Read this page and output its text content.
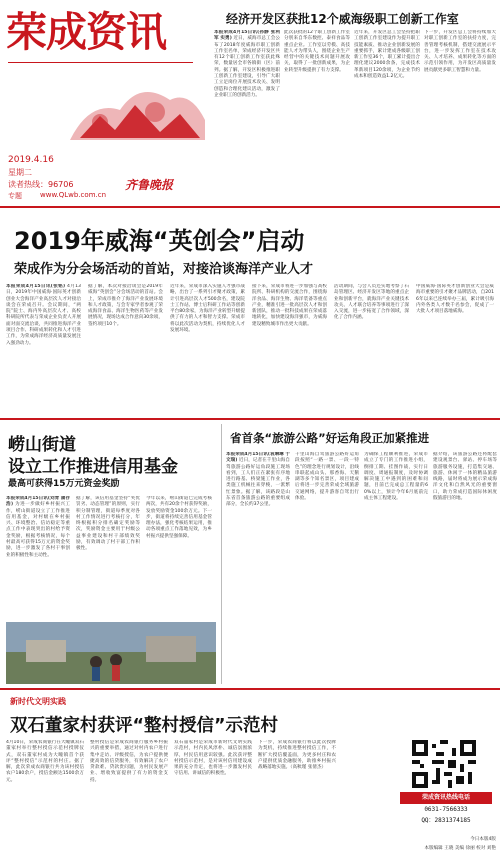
荣成资讯
2019.4.16
星期二
读者热线：96706
专题	www.QLwb.com.cn
齐鲁晚报
经济开发区获批12个威海级职工创新工作室
本报荣成4月15日讯(孙静 张利军 实勇) 近日，威海市总工会公布了2018年度威海市职工创新工作室名单，荣成经济开发区共有12个职工创新工作室获此殊荣，数量居全市各镇街（区）前列。据了解，开发区积极推进职工创新工作室建设，引导广大职工立足岗位开展技术攻关、发明创造和合理化建议活动，激发了企业职工的创新活力。
此次获批的12个职工创新工作室分别来自华东数控、泰祥食品等重点企业。工作室以劳模、高技能人才为带头人，围绕企业生产经营中的关键技术问题开展攻关，取得了一批创新成果，为企业转型升级提供了有力支撑。
近年来，开发区总工会坚持把职工创新工作室建设作为提升职工技能素质、推动企业创新发展的重要抓手，累计建成各级职工创新工作室36个，职工累计提出合理化建议2000余条，完成技术革新项目120余项，为企业节约成本和创造效益1.2亿元。
下一步，开发区总工会将持续加大对职工创新工作室的扶持力度，完善管理考核机制，搭建交流展示平台，进一步发挥工作室在技术攻关、人才培养、成果转化等方面的示范引领作用，为开发区高质量发展贡献更多职工智慧和力量。
2019年威海“英创会”启动
荣成作为分会场活动的首站，对接洽谈海洋产业人才
本报荣成4月15日讯(张铭) 4月13日，2019年中国威海·国际英才创新创业大会海洋产业高层次人才对接洽谈会在荣成召开。会议期间，“两院”院士、海内外高层次人才、高校科研院所代表与荣成企业负责人开展面对面交流洽谈，共同推进海洋产业项目合作、科研成果转化和人才引进工作，为荣成海洋经济高质量发展注入强劲动力。
据了解，本次对接洽谈会是2019年威海“英创会”分会场活动的首站。会上，荣成市推介了海洋产业发展环境和人才政策，与会专家学者参观了荣成海洋食品、海洋生物医药等产业发展情况，现场达成合作意向30余项，签约项目10个。
近年来，荣成市深入实施人才强市战略，出台了一系列引才聚才政策，累计引进高层次人才500余名，建设院士工作站、博士后科研工作站等创新平台80余家，为海洋产业转型升级提供了有力的人才和智力支撑。荣成市将以此次活动为契机，持续优化人才发展环境。
接下来，荣成市将进一步加强与高校院所、科研机构的交流合作，围绕海洋食品、海洋生物、海洋装备等重点产业，精准引进一批高层次人才和创新团队，推动一批科技成果在荣成落地转化，加快建设海洋强市，为威海建设精致城市作出更大贡献。
活动期间，与会人员还实地考察了石岛管理区、经济开发区等地的重点企业和创新平台，就海洋产业关键技术攻关、人才联合培养等事项进行了深入交流，进一步拓宽了合作领域，深化了合作内涵。
中国威海·国际英才创新创业大会是威海市重要的引才聚才品牌活动，自2016年以来已连续举办三届，累计吸引海内外各类人才数千名参会，促成了一大批人才项目落地威海。
崂山街道
设立工作推进信用基金
最高可获得15万元资金奖励
本报荣成4月15日讯(刘青 蒲存浩) 为进一步做好乡村振兴工作，崂山街道设立了工作推进信用基金，对村级在乡村振兴、环境整治、信访稳定等重点工作中表现突出的村给予资金奖励，根据考核情况，每个村最高可获得15万元的资金奖励，进一步激发了各村干事创业的积极性和主动性。
据了解，该信用基金坚持“奖优罚劣、动态管理”的原则，实行积分制管理，街道每季度对各村工作情况进行考核打分，年终根据积分排名确定奖励等次，奖励资金主要用于村级公益事业建设和村干部绩效奖励，有效调动了村干部工作积极性。
今年以来，崂山街道已完成考核两次，共有20余个村获得奖励，发放奖励资金100余万元。下一步，街道将持续完善信用基金管理办法，强化考核结果运用，推动各项重点工作落地见效，为乡村振兴提供坚强保障。
省首条“旅游公路”好运角段正加紧推进
本报荣成4月15日讯(袁琳琳 于文瑞) 近日，记者在千里山海自驾旅游公路好运角段施工现场看到，工人们正在紧张有序地进行路基、桥梁施工作业，各类施工机械往来穿梭，一派繁忙景象。据了解，该路段是山东省首条旅游公路的重要组成部分，全长约37公里。
千里山海自驾旅游公路好运角段按照“一路一景、一段一特色”的理念进行规划设计，沿线串联起成山头、那香海、天鹅湖等多个知名景区，项目建成后将进一步完善荣成全域旅游交通网络，提升游客自驾出行体验。
为确保工程顺利推进，荣成市成立了专门的工作推进小组，倒排工期、挂图作战，实行日调度、周通报制度，及时协调解决施工中遇到的困难和问题，目前已完成总工程量的60%以上，预计今年6月底前完成主体工程建设。
据介绍，该旅游公路还将配套建设观景台、驿站、停车场等旅游服务设施，打造集交通、旅游、休闲于一体的精品旅游线路，届时将成为展示荣成海洋文化和自然风光的重要窗口，助力荣成打造国际休闲度假旅游目的地。
新时代文明实践
双石董家村获评“整村授信”示范村
4月10日，荣成农商银行在大疃镇双石董家村举行整村授信示范村授牌仪式，双石董家村成为大疃镇首个获评“整村授信”示范村的村庄。据了解，此次荣成农商银行共为该村授信农户180余户，授信金额达1500余万元。
整村授信是荣成农商银行服务乡村振兴的重要举措，通过对村内农户进行集中走访、评级授信，为农户提供便捷高效的信贷服务，有效解决了农户贷款难、贷款贵问题，为村民发展产业、增收致富提供了有力的资金支持。
双石董家村是荣成市新时代文明实践示范村，村内民风淳朴、诚信氛围浓厚，村民信用意识较强。此次获评整村授信示范村，是对该村信用建设成果的充分肯定，也将进一步激发村民守信用、讲诚信的积极性。
下一步，荣成农商银行将以此次授牌为契机，持续推进整村授信工作，不断扩大授信覆盖面，为更多村庄和农户提供优质金融服务，助推乡村振兴战略落地实施。（高秋瑾 张倩杰）
荣成资讯热线电话
0631-7566333
QQ：2831374185
今日本版4版
本版编辑 王晓 美编 徐丽 校对 刘艳
